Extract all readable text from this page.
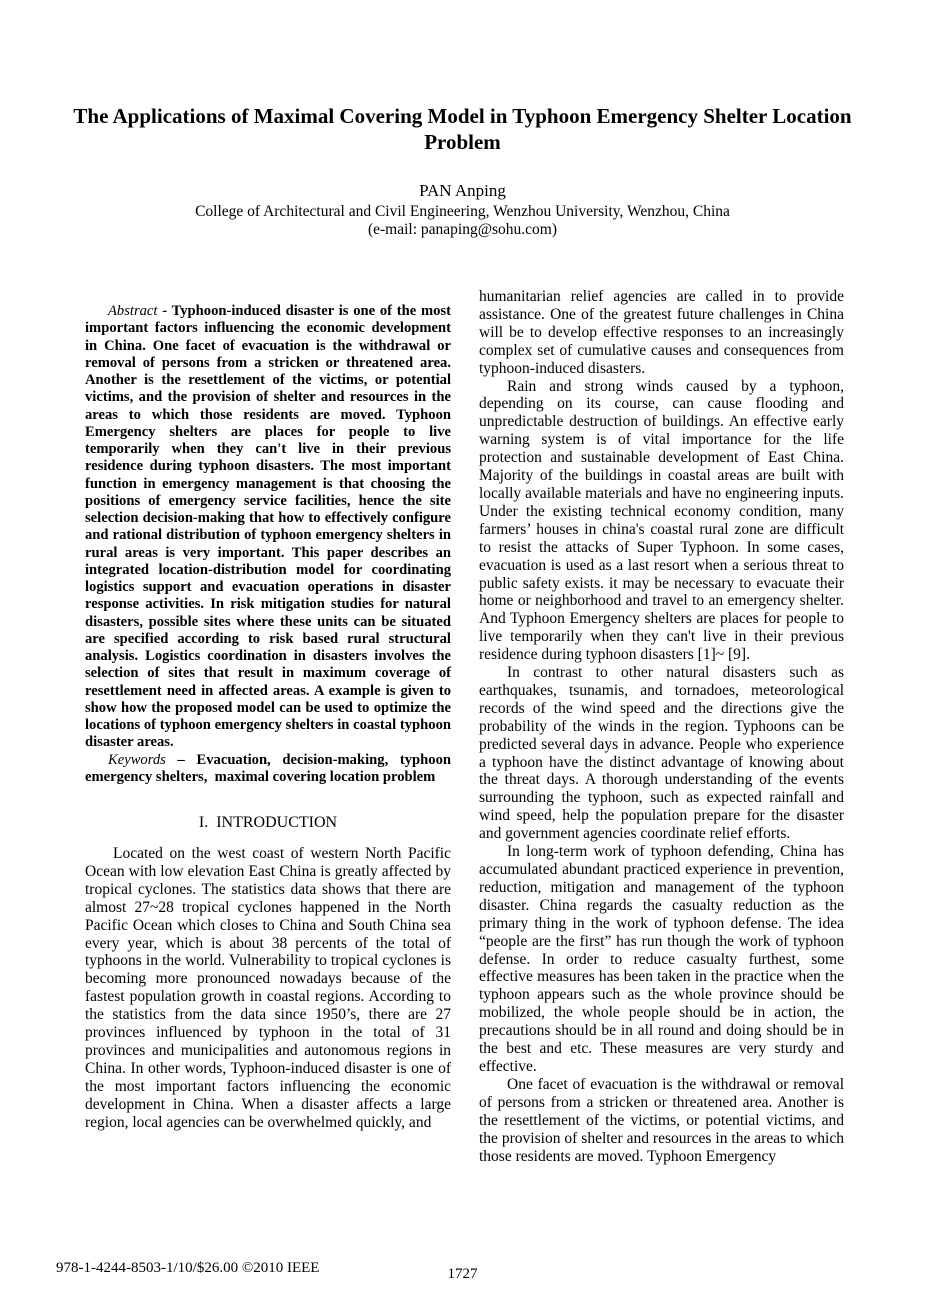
The Applications of Maximal Covering Model in Typhoon Emergency Shelter Location Problem

PAN Anping

College of Architectural and Civil Engineering, Wenzhou University, Wenzhou, China

(e-mail: panaping@sohu.com)

Abstract - Typhoon-induced disaster is one of the most important factors influencing the economic development in China. One facet of evacuation is the withdrawal or removal of persons from a stricken or threatened area. Another is the resettlement of the victims, or potential victims, and the provision of shelter and resources in the areas to which those residents are moved. Typhoon Emergency shelters are places for people to live temporarily when they can't live in their previous residence during typhoon disasters. The most important function in emergency management is that choosing the positions of emergency service facilities, hence the site selection decision-making that how to effectively configure and rational distribution of typhoon emergency shelters in rural areas is very important. This paper describes an integrated location-distribution model for coordinating logistics support and evacuation operations in disaster response activities. In risk mitigation studies for natural disasters, possible sites where these units can be situated are specified according to risk based rural structural analysis. Logistics coordination in disasters involves the selection of sites that result in maximum coverage of resettlement need in affected areas. A example is given to show how the proposed model can be used to optimize the locations of typhoon emergency shelters in coastal typhoon disaster areas.

Keywords – Evacuation, decision-making, typhoon emergency shelters,  maximal covering location problem

I.  INTRODUCTION

Located on the west coast of western North Pacific Ocean with low elevation East China is greatly affected by tropical cyclones. The statistics data shows that there are almost 27~28 tropical cyclones happened in the North Pacific Ocean which closes to China and South China sea every year, which is about 38 percents of the total of typhoons in the world. Vulnerability to tropical cyclones is becoming more pronounced nowadays because of the fastest population growth in coastal regions. According to the statistics from the data since 1950’s, there are 27 provinces influenced by typhoon in the total of 31 provinces and municipalities and autonomous regions in China. In other words, Typhoon-induced disaster is one of the most important factors influencing the economic development in China. When a disaster affects a large region, local agencies can be overwhelmed quickly, and

humanitarian relief agencies are called in to provide assistance. One of the greatest future challenges in China will be to develop effective responses to an increasingly complex set of cumulative causes and consequences from typhoon-induced disasters.

Rain and strong winds caused by a typhoon, depending on its course, can cause flooding and unpredictable destruction of buildings. An effective early warning system is of vital importance for the life protection and sustainable development of East China. Majority of the buildings in coastal areas are built with locally available materials and have no engineering inputs. Under the existing technical economy condition, many farmers’ houses in china's coastal rural zone are difficult to resist the attacks of Super Typhoon. In some cases, evacuation is used as a last resort when a serious threat to public safety exists. it may be necessary to evacuate their home or neighborhood and travel to an emergency shelter. And Typhoon Emergency shelters are places for people to live temporarily when they can't live in their previous residence during typhoon disasters [1]~ [9].

In contrast to other natural disasters such as earthquakes, tsunamis, and tornadoes, meteorological records of the wind speed and the directions give the probability of the winds in the region. Typhoons can be predicted several days in advance. People who experience a typhoon have the distinct advantage of knowing about the threat days. A thorough understanding of the events surrounding the typhoon, such as expected rainfall and wind speed, help the population prepare for the disaster and government agencies coordinate relief efforts.

In long-term work of typhoon defending, China has accumulated abundant practiced experience in prevention, reduction, mitigation and management of the typhoon disaster. China regards the casualty reduction as the primary thing in the work of typhoon defense. The idea “people are the first” has run though the work of typhoon defense. In order to reduce casualty furthest, some effective measures has been taken in the practice when the typhoon appears such as the whole province should be mobilized, the whole people should be in action, the precautions should be in all round and doing should be in the best and etc. These measures are very sturdy and effective.

One facet of evacuation is the withdrawal or removal of persons from a stricken or threatened area. Another is the resettlement of the victims, or potential victims, and the provision of shelter and resources in the areas to which those residents are moved. Typhoon Emergency

978-1-4244-8503-1/10/$26.00 ©2010 IEEE	1727
